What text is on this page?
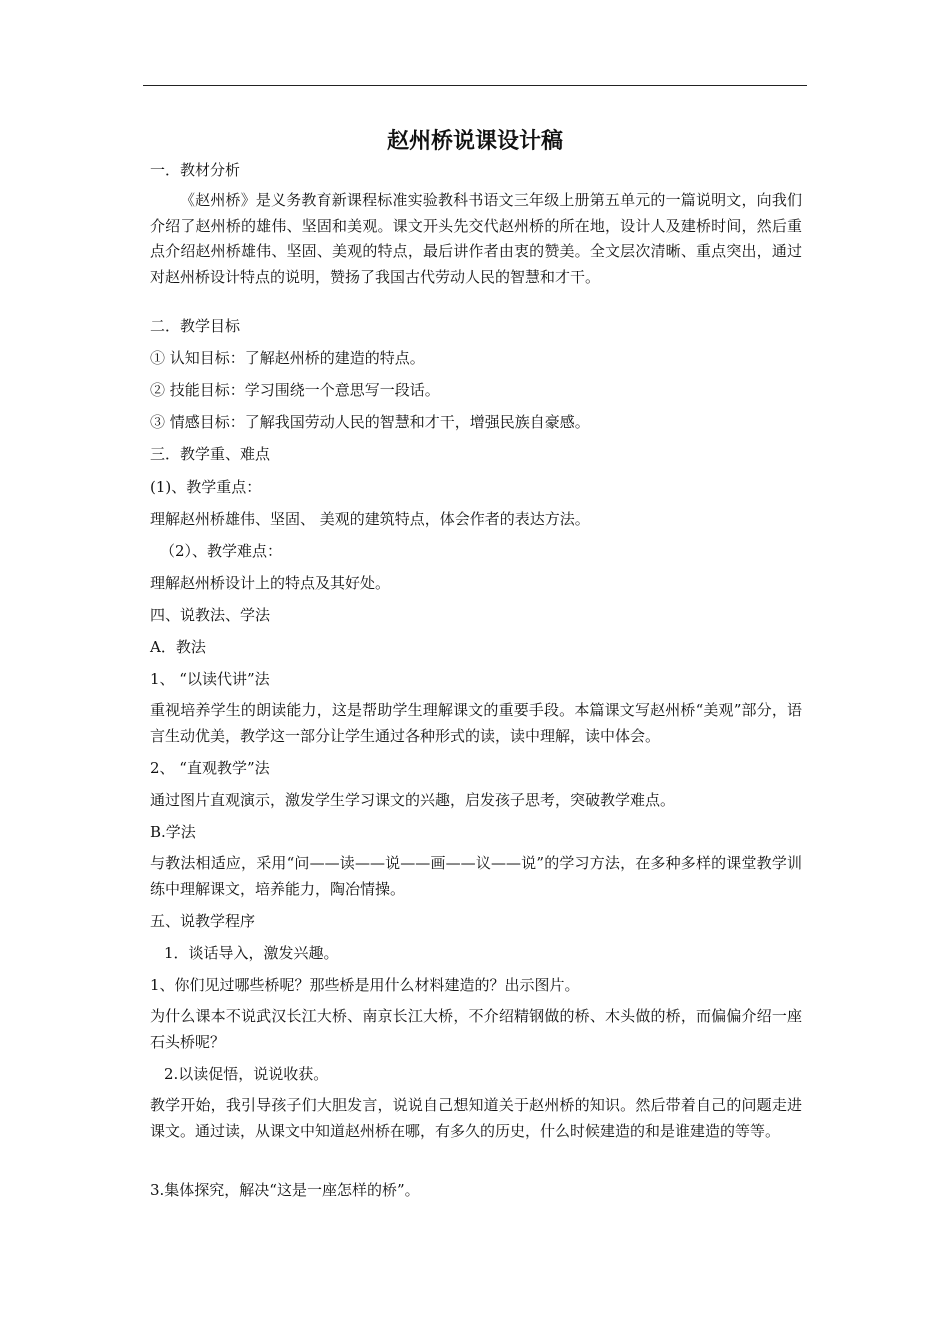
赵州桥说课设计稿
一．教材分析
《赵州桥》是义务教育新课程标准实验教科书语文三年级上册第五单元的一篇说明文，向我们介绍了赵州桥的雄伟、坚固和美观。课文开头先交代赵州桥的所在地，设计人及建桥时间，然后重点介绍赵州桥雄伟、坚固、美观的特点，最后讲作者由衷的赞美。全文层次清晰、重点突出，通过对赵州桥设计特点的说明，赞扬了我国古代劳动人民的智慧和才干。
二．教学目标
① 认知目标：了解赵州桥的建造的特点。
② 技能目标：学习围绕一个意思写一段话。
③ 情感目标：了解我国劳动人民的智慧和才干，增强民族自豪感。
三．教学重、难点
(1)、教学重点：
理解赵州桥雄伟、坚固、 美观的建筑特点，体会作者的表达方法。
（2）、教学难点：
理解赵州桥设计上的特点及其好处。
四、说教法、学法
A．教法
1、 “以读代讲”法
重视培养学生的朗读能力，这是帮助学生理解课文的重要手段。本篇课文写赵州桥“美观”部分，语言生动优美，教学这一部分让学生通过各种形式的读，读中理解，读中体会。
2、 “直观教学”法
通过图片直观演示，激发学生学习课文的兴趣，启发孩子思考，突破教学难点。
B.学法
与教法相适应，采用“问——读——说——画——议——说”的学习方法，在多种多样的课堂教学训练中理解课文，培养能力，陶冶情操。
五、说教学程序
1．谈话导入，激发兴趣。
1、你们见过哪些桥呢？那些桥是用什么材料建造的？出示图片。
为什么课本不说武汉长江大桥、南京长江大桥，不介绍精钢做的桥、木头做的桥，而偏偏介绍一座石头桥呢？
2.以读促悟，说说收获。
教学开始，我引导孩子们大胆发言，说说自己想知道关于赵州桥的知识。然后带着自己的问题走进课文。通过读，从课文中知道赵州桥在哪，有多久的历史，什么时候建造的和是谁建造的等等。
3.集体探究，解决“这是一座怎样的桥”。
